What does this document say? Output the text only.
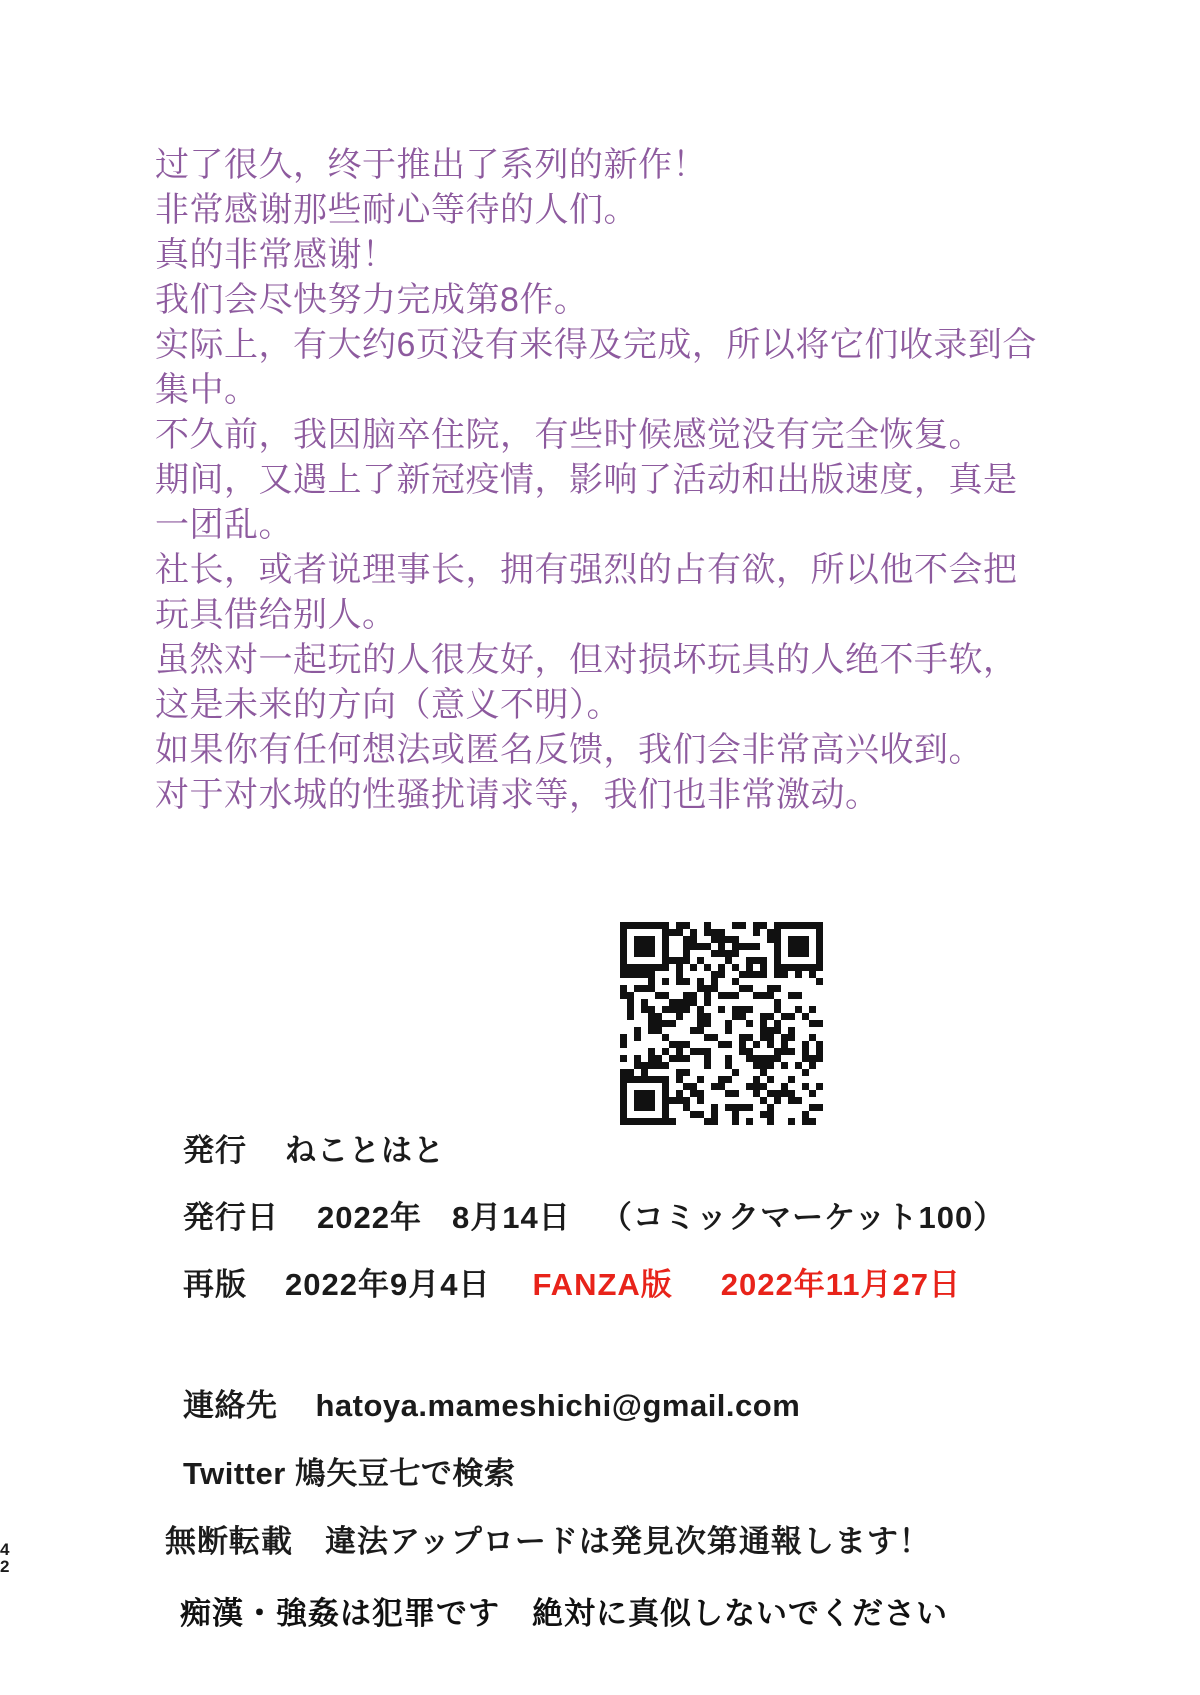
过了很久，终于推出了系列的新作！
非常感谢那些耐心等待的人们。
真的非常感谢！
我们会尽快努力完成第8作。
实际上，有大约6页没有来得及完成，所以将它们收录到合
集中。
不久前，我因脑卒住院，有些时候感觉没有完全恢复。
期间，又遇上了新冠疫情，影响了活动和出版速度，真是
一团乱。
社长，或者说理事长，拥有强烈的占有欲，所以他不会把
玩具借给别人。
虽然对一起玩的人很友好，但对损坏玩具的人绝不手软，
这是未来的方向（意义不明）。
如果你有任何想法或匿名反馈，我们会非常高兴收到。
对于对水城的性骚扰请求等，我们也非常激动。
発行 ねことはと
発行日 2022年 8月14日 （コミックマーケット100）
再版 2022年9月4日 FANZA版 2022年11月27日
連絡先 hatoya.mameshichi@gmail.com
Twitter 鳩矢豆七で検索
無断転載　違法アップロードは発見次第通報します！
痴漢・強姦は犯罪です　絶対に真似しないでください
4
2
